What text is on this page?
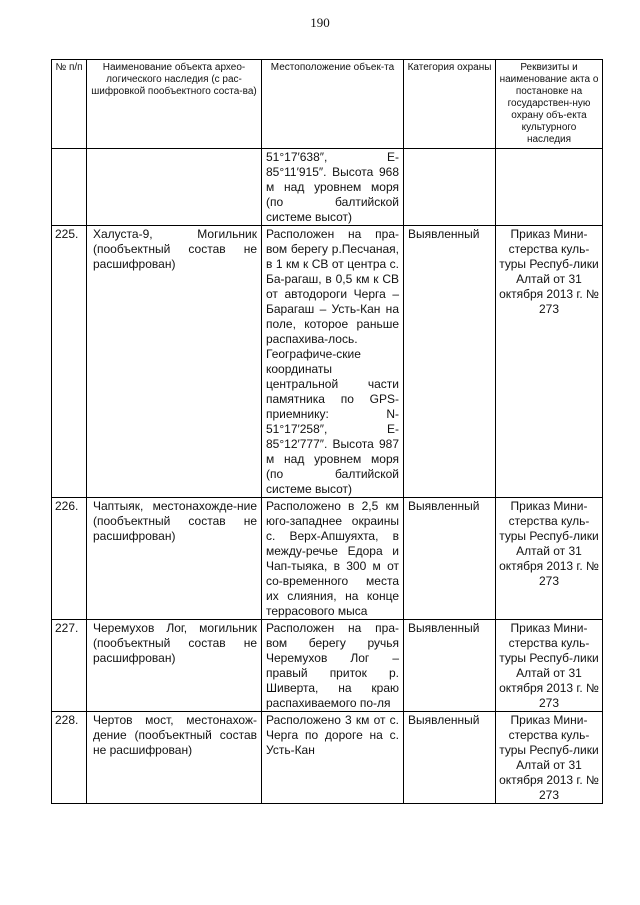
190
№ п/п	Наименование объекта архео-логического наследия (с рас-шифровкой пообъектного соста-ва)	Местоположение объек-та	Категория охраны	Реквизиты и наименование акта о постановке на государствен-ную охрану объ-екта культурного наследия
		51°17′638″, E-85°11′915″. Высота 968 м над уровнем моря (по балтийской системе высот)		
225.	Халуста-9, Могильник (пообъектный состав не расшифрован)	Расположен на пра-вом берегу р.Песчаная, в 1 км к СВ от центра с. Ба-рагаш, в 0,5 км к СВ от автодороги Черга – Барагаш – Усть-Кан на поле, которое раньше распахива-лось. Географиче-ские координаты центральной части памятника по GPS-приемнику: N-51°17′258″, E-85°12′777″. Высота 987 м над уровнем моря (по балтийской системе высот)	Выявленный	Приказ Мини-стерства куль-туры Респуб-лики Алтай от 31 октября 2013 г. № 273
226.	Чаптыяк, местонахожде-ние (пообъектный состав не расшифрован)	Расположено в 2,5 км юго-западнее окраины с. Верх-Апшуяхта, в между-речье Едора и Чап-тыяка, в 300 м от со-временного места их слияния, на конце террасового мыса	Выявленный	Приказ Мини-стерства куль-туры Респуб-лики Алтай от 31 октября 2013 г. № 273
227.	Черемухов Лог, могильник (пообъектный состав не расшифрован)	Расположен на пра-вом берегу ручья Черемухов Лог – правый приток р. Шиверта, на краю распахиваемого по-ля	Выявленный	Приказ Мини-стерства куль-туры Респуб-лики Алтай от 31 октября 2013 г. № 273
228.	Чертов мост, местонахож-дение (пообъектный состав не расшифрован)	Расположено 3 км от с. Черга по дороге на с. Усть-Кан	Выявленный	Приказ Мини-стерства куль-туры Респуб-лики Алтай от 31 октября 2013 г. № 273
